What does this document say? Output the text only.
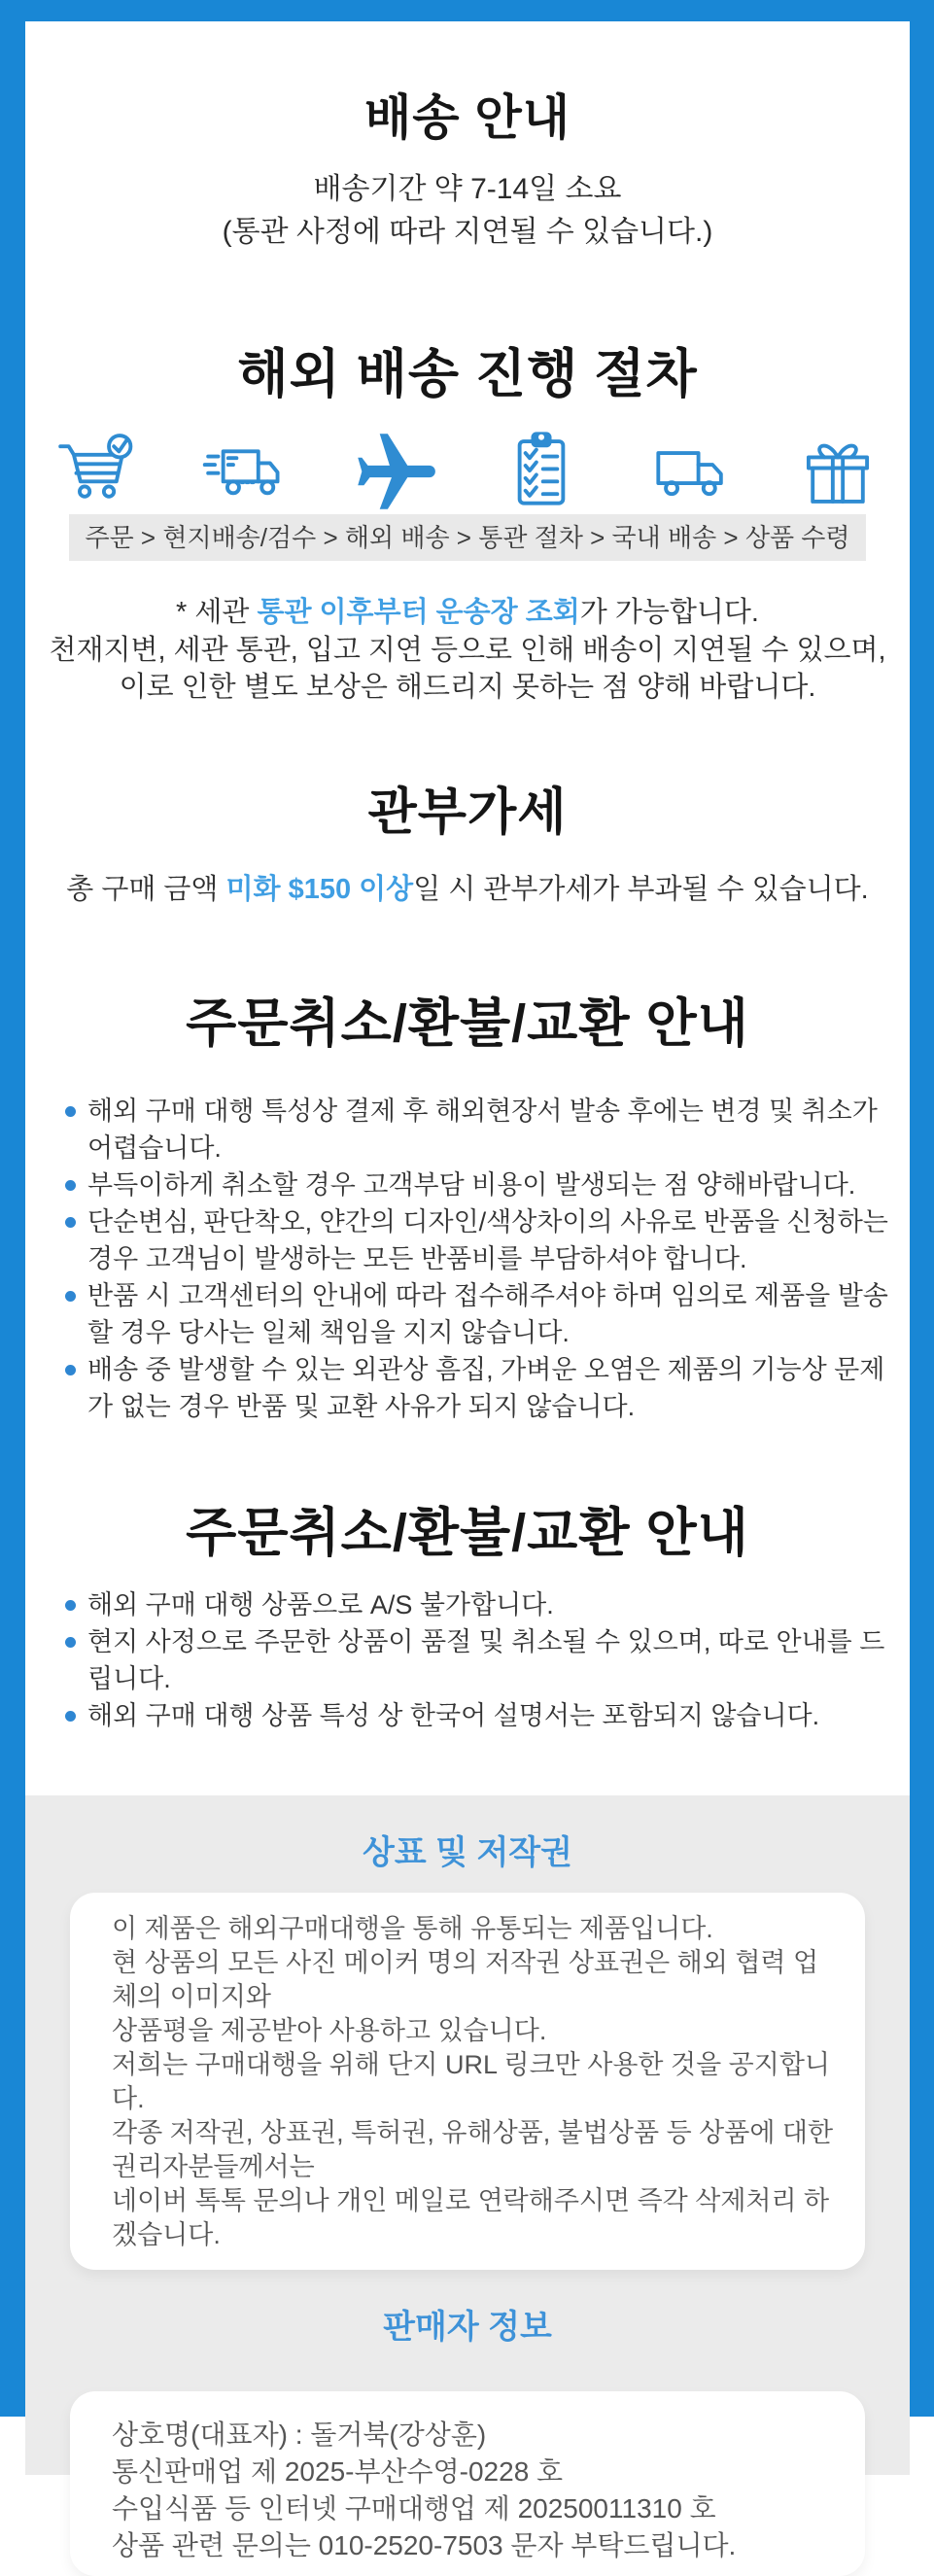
배송 안내

배송기간 약 7-14일 소요

(통관 사정에 따라 지연될 수 있습니다.)

해외 배송 진행 절차
주문 > 현지배송/검수 > 해외 배송 > 통관 절차 > 국내 배송 > 상품 수령

* 세관 통관 이후부터 운송장 조회가 가능합니다.

천재지변, 세관 통관, 입고 지연 등으로 인해 배송이 지연될 수 있으며,
이로 인한 별도 보상은 해드리지 못하는 점 양해 바랍니다.

관부가세

총 구매 금액 미화 $150 이상일 시 관부가세가 부과될 수 있습니다.

주문취소/환불/교환 안내
해외 구매 대행 특성상 결제 후 해외현장서 발송 후에는 변경 및 취소가 어렵습니다.
부득이하게 취소할 경우 고객부담 비용이 발생되는 점 양해바랍니다.
단순변심, 판단착오, 얀간의 디자인/색상차이의 사유로 반품을 신청하는 경우 고객님이 발생하는 모든 반품비를 부담하셔야 합니다.
반품 시 고객센터의 안내에 따라 접수해주셔야 하며 임의로 제품을 발송할 경우 당사는 일체 책임을 지지 않습니다.
배송 중 발생할 수 있는 외관상 흠집, 가벼운 오염은 제품의 기능상 문제가 없는 경우 반품 및 교환 사유가 되지 않습니다.
주문취소/환불/교환 안내
해외 구매 대행 상품으로 A/S 불가합니다.
현지 사정으로 주문한 상품이 품절 및 취소될 수 있으며, 따로 안내를 드립니다.
해외 구매 대행 상품 특성 상 한국어 설명서는 포함되지 않습니다.
상표 및 저작권

이 제품은 해외구매대행을 통해 유통되는 제품입니다.

현 상품의 모든 사진 메이커 명의 저작권 상표권은 해외 협력 업체의 이미지와

상품평을 제공받아 사용하고 있습니다.

저희는 구매대행을 위해 단지 URL 링크만 사용한 것을 공지합니다.

각종 저작권, 상표권, 특허권, 유해상품, 불법상품 등 상품에 대한 권리자분들께서는

네이버 톡톡 문의나 개인 메일로 연락해주시면 즉각 삭제처리 하겠습니다.

판매자 정보

상호명(대표자) : 돌거북(강상훈)

통신판매업 제 2025-부산수영-0228 호

수입식품 등 인터넷 구매대행업 제 20250011310 호

상품 관련 문의는 010-2520-7503 문자 부탁드립니다.
